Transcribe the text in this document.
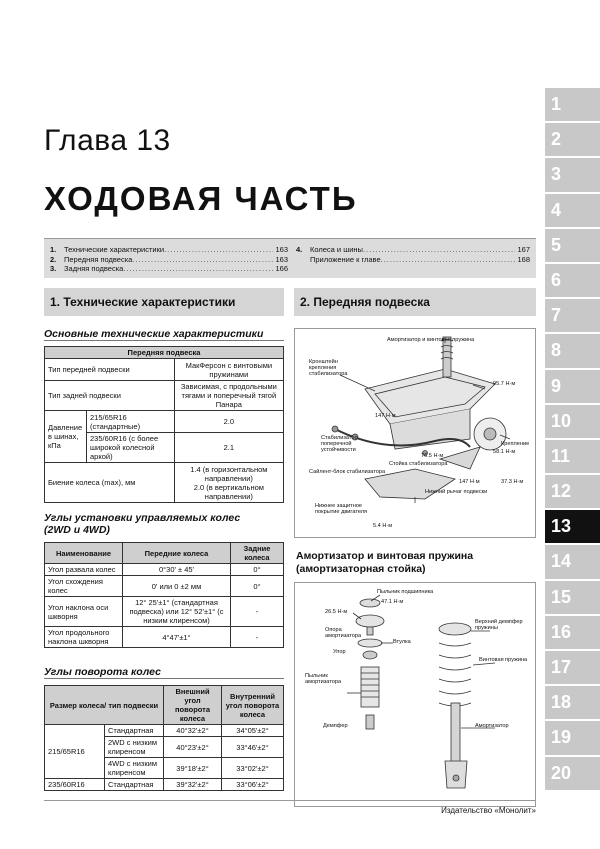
Глава 13
ХОДОВАЯ ЧАСТЬ
1.	Технические характеристики .....	163
2.	Передняя подвеска .....	163
3.	Задняя подвеска .....	166
4.	Колеса и шины .....	167
Приложение к главе .....	168
1. Технические характеристики	2. Передняя подвеска
Основные технические характеристики
Передняя подвеска		
Тип передней подвески		МакФерсон с винтовыми пружинами
Тип задней подвески		Зависимая, с продольными тягами и поперечный тягой Панара
Давление в шинах, кПа	215/65R16 (стандартные)	2.0
	235/60R16 (с более широкой колесной аркой)	2.1
Биение колеса (max), мм		1.4 (в горизонтальном направлении)
2.0 (в вертикальном направлении)
Углы установки управляемых колес (2WD и 4WD)
Наименование	Передние колеса	Задние колеса
Угол развала колес	0°30' ± 45'	0°
Угол схождения колес	0' или 0 ±2 мм	0°
Угол наклона оси шкворня	12° 25'±1° (стандартная подвеска) или 12° 52'±1° (с низким клиренсом)	-
Угол продольного наклона шкворня	4°47'±1°	-
Углы поворота колес
Размер колеса/ тип подвески		Внешний угол поворота колеса	Внутренний угол поворота колеса
215/65R16	Стандартная	40°32'±2°	34°05'±2°
	2WD с низким клиренсом	40°23'±2°	33°46'±2°
	4WD с низким клиренсом	39°18'±2°	33°02'±2°
235/60R16	Стандартная	39°32'±2°	33°06'±2°
Амортизатор и винтовая пружина
Кронштейн крепления стабилизатора
95.7 Н·м
147 Н·м
Стабилизатор поперечной устойчивости
76.5 Н·м
Стойка стабилизатора
Сайлент-блок стабилизатора
Крепление
58.1 Н·м
147 Н·м	37.3 Н·м
Нижний рычаг подвески
Нижнее защитное покрытие двигателя
5.4 Н·м
Амортизатор и винтовая пружина (амортизаторная стойка)
Пыльник подшипника
47.1 Н·м
26.5 Н·м
Опора амортизатора
Верхний демпфер пружины
Втулка
Упор
Винтовая пружина
Пыльник амортизатора
Демпфер	Амортизатор
1
2
3
4
5
6
7
8
9
10
11
12
13
14
15
16
17
18
19
20
Издательство «Монолит»
